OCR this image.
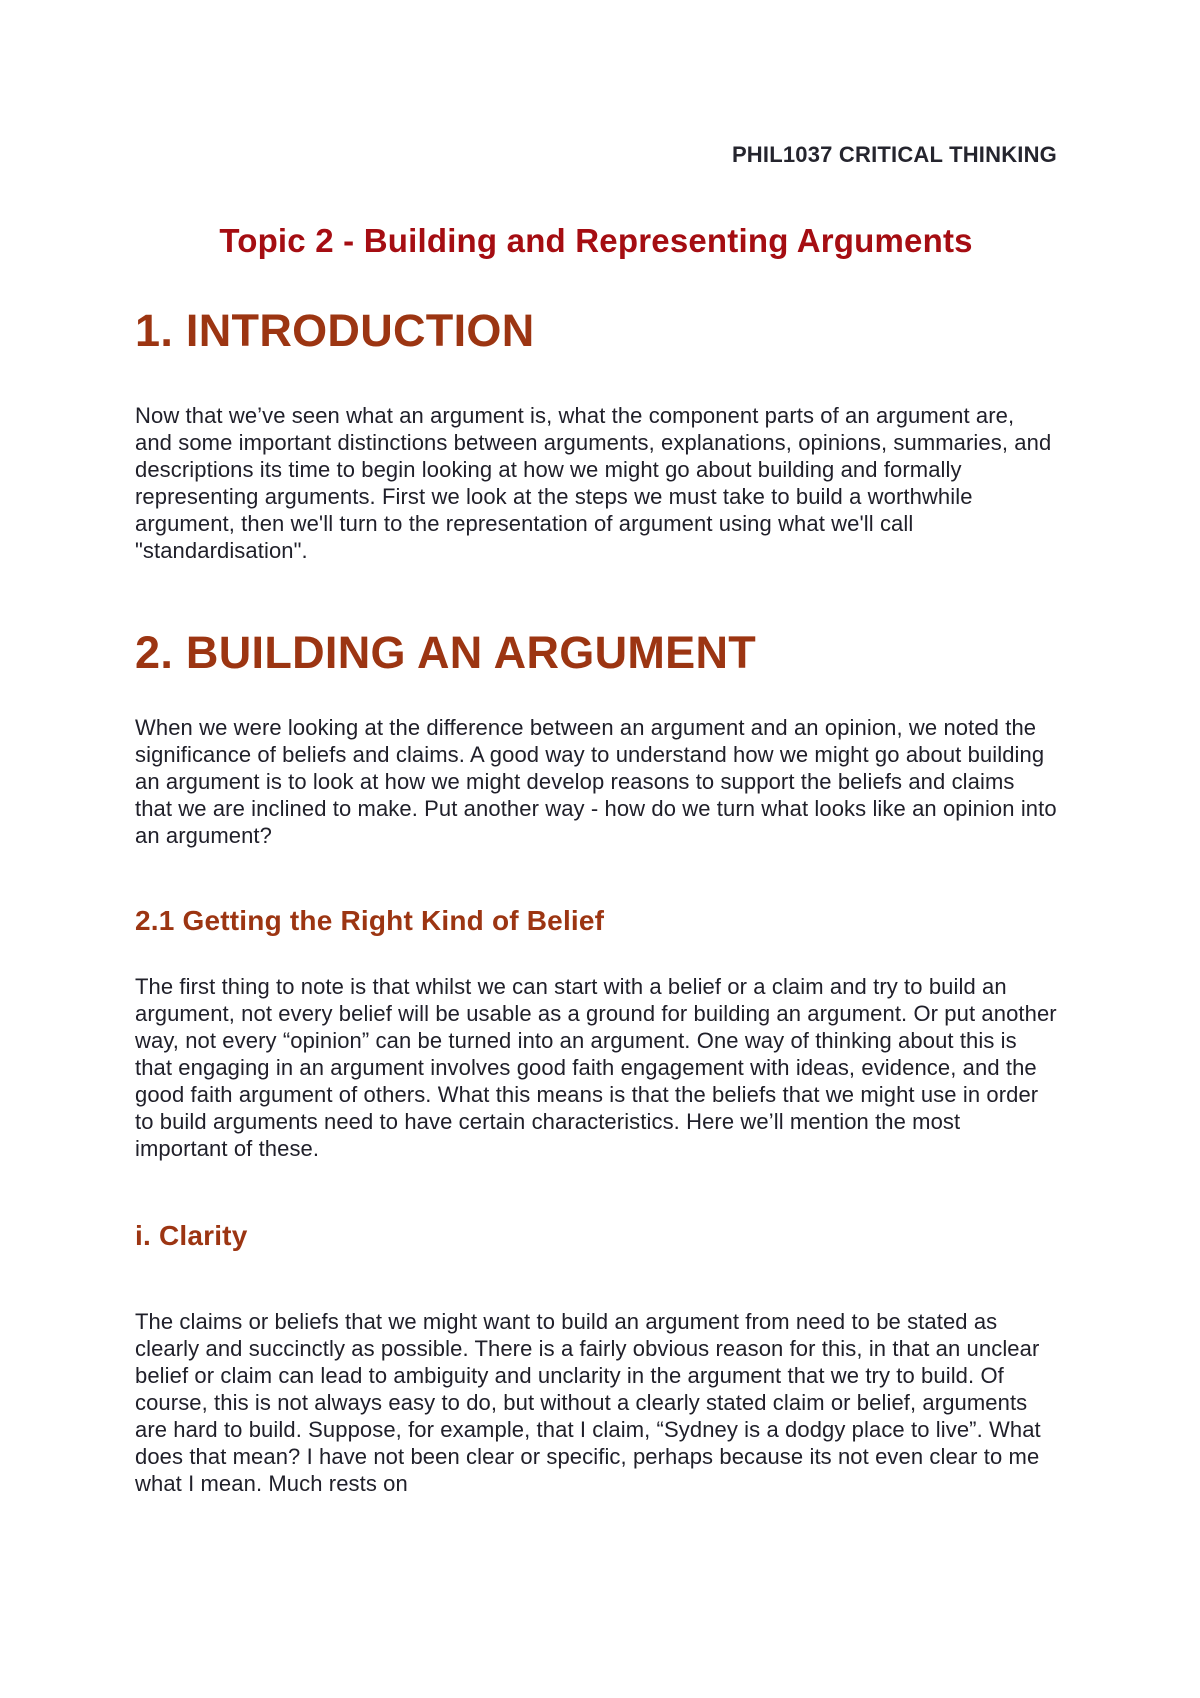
PHIL1037 CRITICAL THINKING
Topic 2 - Building and Representing Arguments
1. INTRODUCTION
Now that we’ve seen what an argument is, what the component parts of an argument are, and some important distinctions between arguments, explanations, opinions, summaries, and descriptions its time to begin looking at how we might go about building and formally representing arguments. First we look at the steps we must take to build a worthwhile argument, then we'll turn to the representation of argument using what we'll call "standardisation".
2. BUILDING AN ARGUMENT
When we were looking at the difference between an argument and an opinion, we noted the significance of beliefs and claims. A good way to understand how we might go about building an argument is to look at how we might develop reasons to support the beliefs and claims that we are inclined to make. Put another way - how do we turn what looks like an opinion into an argument?
2.1 Getting the Right Kind of Belief
The first thing to note is that whilst we can start with a belief or a claim and try to build an argument, not every belief will be usable as a ground for building an argument. Or put another way, not every “opinion” can be turned into an argument. One way of thinking about this is that engaging in an argument involves good faith engagement with ideas, evidence, and the good faith argument of others. What this means is that the beliefs that we might use in order to build arguments need to have certain characteristics. Here we’ll mention the most important of these.
i. Clarity
The claims or beliefs that we might want to build an argument from need to be stated as clearly and succinctly as possible. There is a fairly obvious reason for this, in that an unclear belief or claim can lead to ambiguity and unclarity in the argument that we try to build. Of course, this is not always easy to do, but without a clearly stated claim or belief, arguments are hard to build. Suppose, for example, that I claim, “Sydney is a dodgy place to live”. What does that mean? I have not been clear or specific, perhaps because its not even clear to me what I mean. Much rests on
